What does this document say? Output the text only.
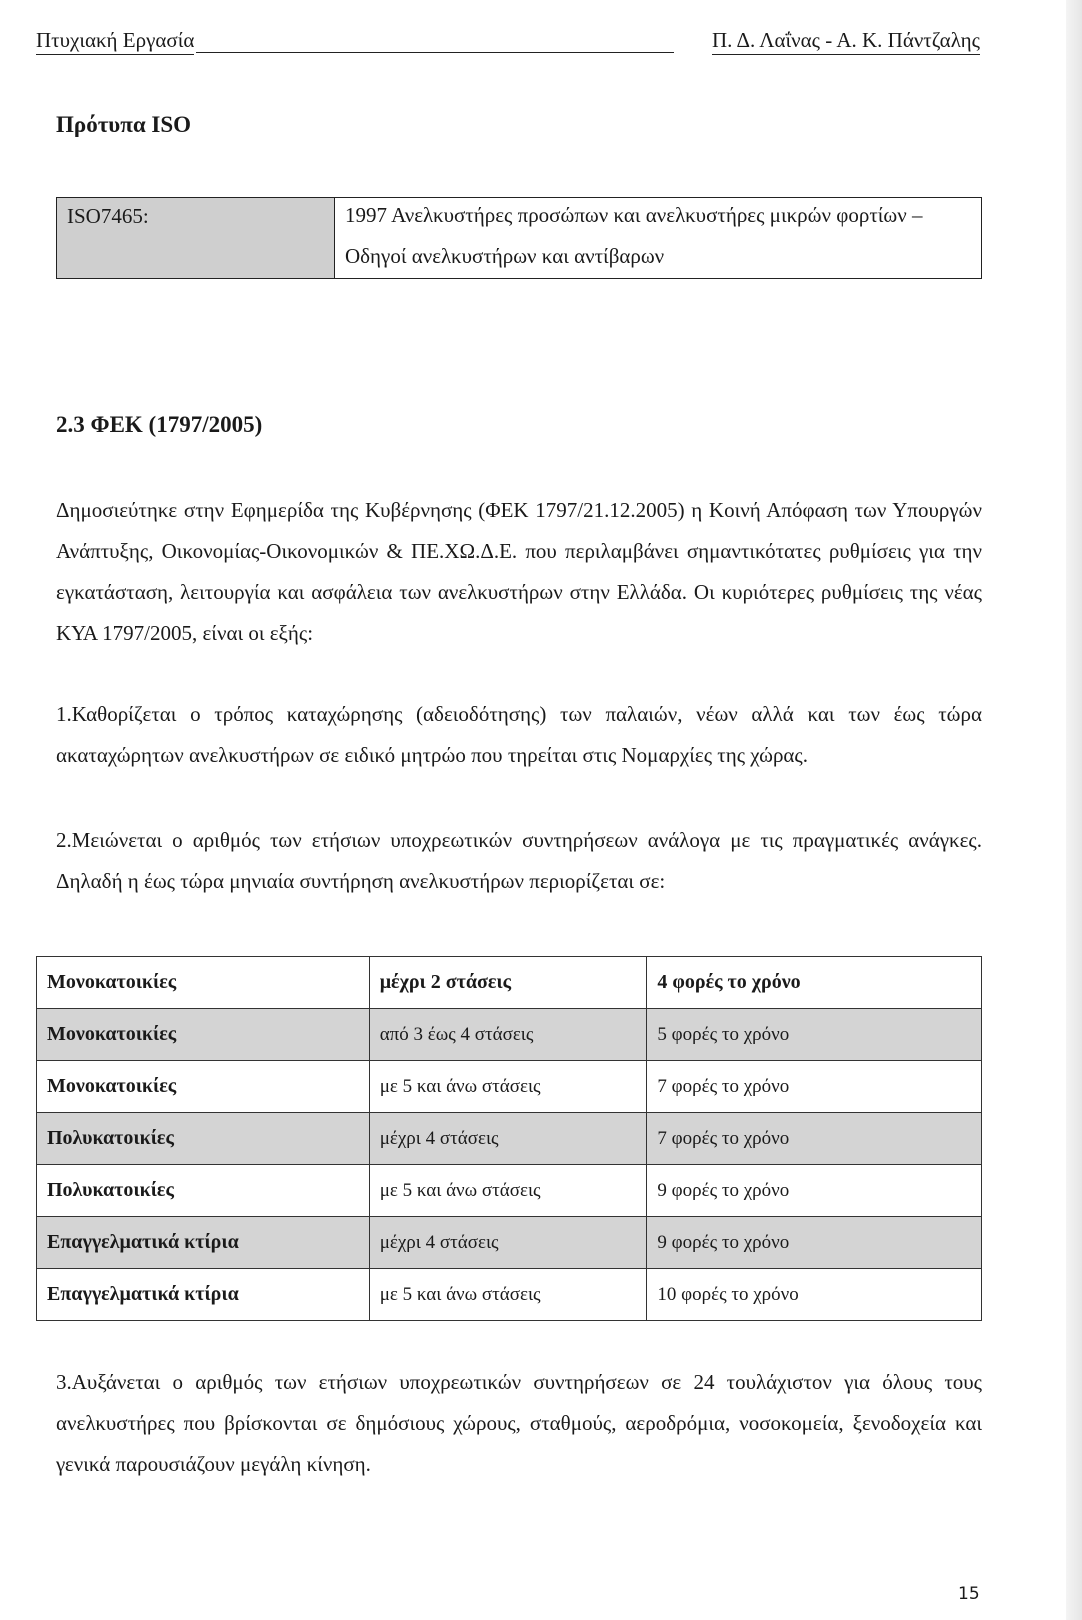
Πτυχιακή Εργασία	Π. Δ. Λαΐνας - Α. Κ. Πάντζαλης
Πρότυπα ISO
ISO7465:	1997 Ανελκυστήρες προσώπων και ανελκυστήρες μικρών φορτίων – Οδηγοί ανελκυστήρων και αντίβαρων
2.3 ΦΕΚ (1797/2005)

Δημοσιεύτηκε στην Εφημερίδα της Κυβέρνησης (ΦΕΚ 1797/21.12.2005) η Κοινή Απόφαση των Υπουργών Ανάπτυξης, Οικονομίας-Οικονομικών & ΠΕ.ΧΩ.Δ.Ε. που περιλαμβάνει σημαντικότατες ρυθμίσεις για την εγκατάσταση, λειτουργία και ασφάλεια των ανελκυστήρων στην Ελλάδα. Οι κυριότερες ρυθμίσεις της νέας ΚΥΑ 1797/2005, είναι οι εξής:

1.Καθορίζεται ο τρόπος καταχώρησης (αδειοδότησης) των παλαιών, νέων αλλά και των έως τώρα ακαταχώρητων ανελκυστήρων σε ειδικό μητρώο που τηρείται στις Νομαρχίες της χώρας.

2.Μειώνεται ο αριθμός των ετήσιων υποχρεωτικών συντηρήσεων ανάλογα με τις πραγματικές ανάγκες. Δηλαδή η έως τώρα μηνιαία συντήρηση ανελκυστήρων περιορίζεται σε:

Μονοκατοικίες	μέχρι 2 στάσεις	4 φορές το χρόνο
Μονοκατοικίες	από 3 έως 4 στάσεις	5 φορές το χρόνο
Μονοκατοικίες	με 5 και άνω στάσεις	7 φορές το χρόνο
Πολυκατοικίες	μέχρι 4 στάσεις	7 φορές το χρόνο
Πολυκατοικίες	με 5 και άνω στάσεις	9 φορές το χρόνο
Επαγγελματικά κτίρια	μέχρι 4 στάσεις	9 φορές το χρόνο
Επαγγελματικά κτίρια	με 5 και άνω στάσεις	10 φορές το χρόνο

3.Αυξάνεται ο αριθμός των ετήσιων υποχρεωτικών συντηρήσεων σε 24 τουλάχιστον για όλους τους ανελκυστήρες που βρίσκονται σε δημόσιους χώρους, σταθμούς, αεροδρόμια, νοσοκομεία, ξενοδοχεία και γενικά παρουσιάζουν μεγάλη κίνηση.

15
